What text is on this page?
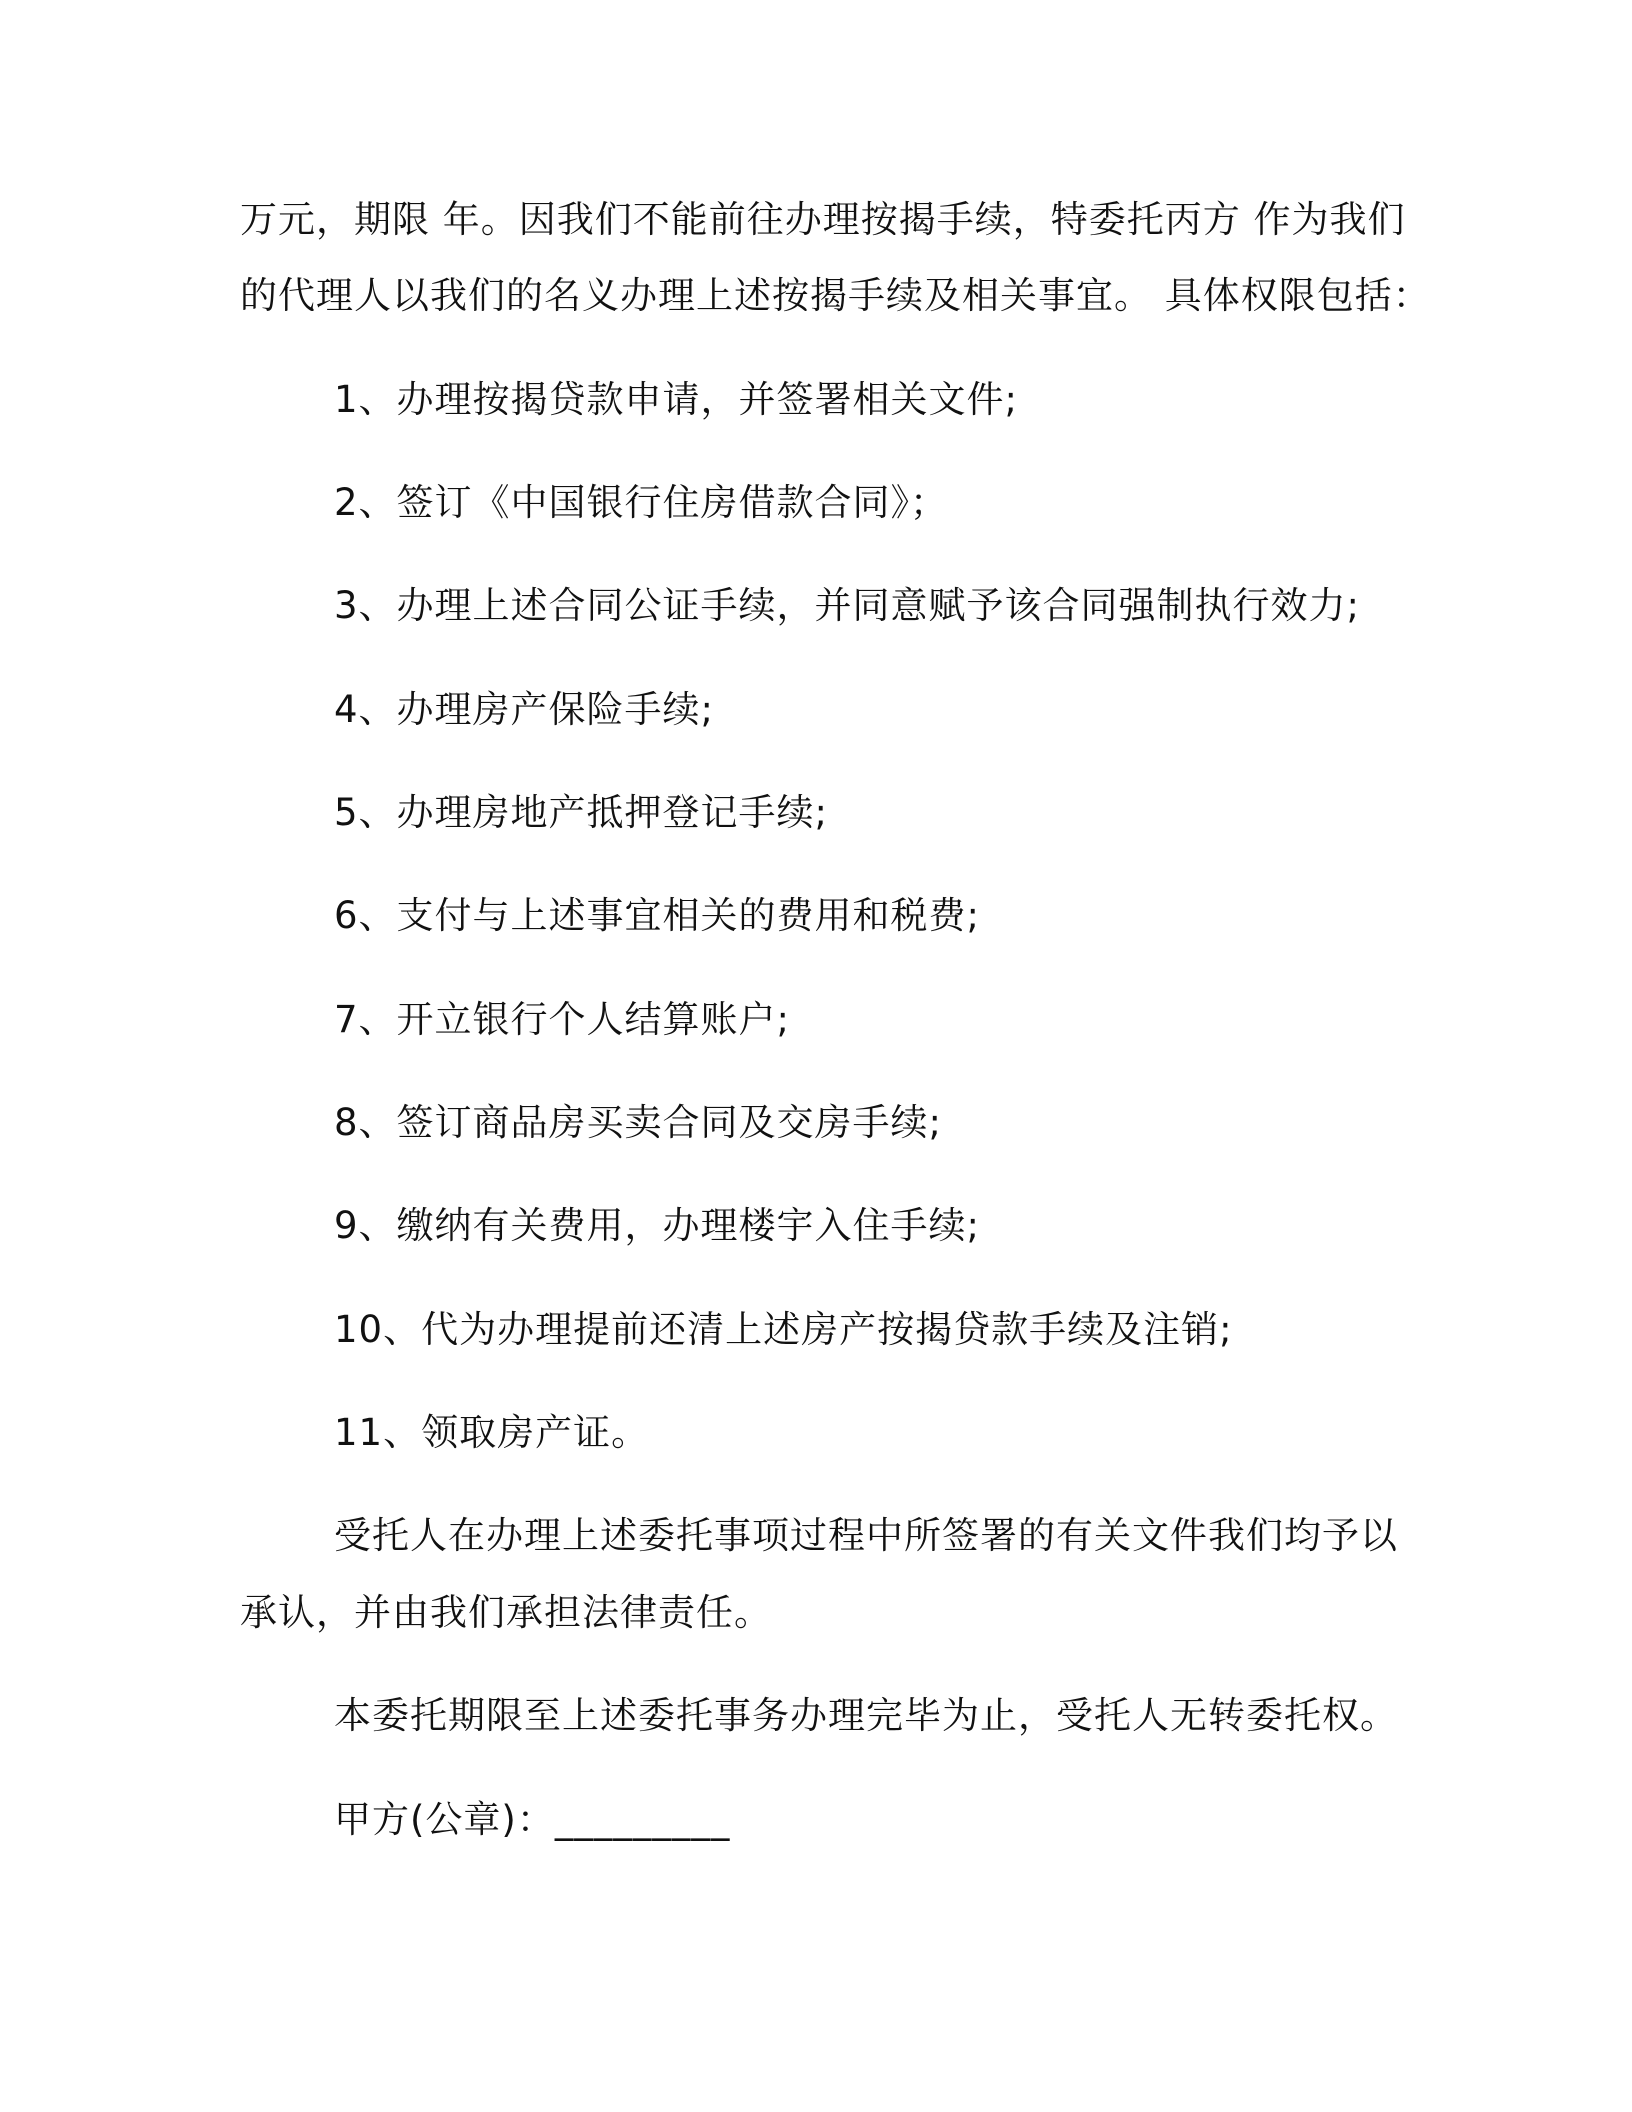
万元，期限 年。因我们不能前往办理按揭手续，特委托丙方 作为我们
的代理人以我们的名义办理上述按揭手续及相关事宜。 具体权限包括：
1、办理按揭贷款申请，并签署相关文件;
2、签订《中国银行住房借款合同》；
3、办理上述合同公证手续，并同意赋予该合同强制执行效力;
4、办理房产保险手续;
5、办理房地产抵押登记手续;
6、支付与上述事宜相关的费用和税费;
7、开立银行个人结算账户;
8、签订商品房买卖合同及交房手续;
9、缴纳有关费用，办理楼宇入住手续;
10、代为办理提前还清上述房产按揭贷款手续及注销;
11、领取房产证。
受托人在办理上述委托事项过程中所签署的有关文件我们均予以
承认，并由我们承担法律责任。
本委托期限至上述委托事务办理完毕为止，受托人无转委托权。
甲方(公章)：_________
